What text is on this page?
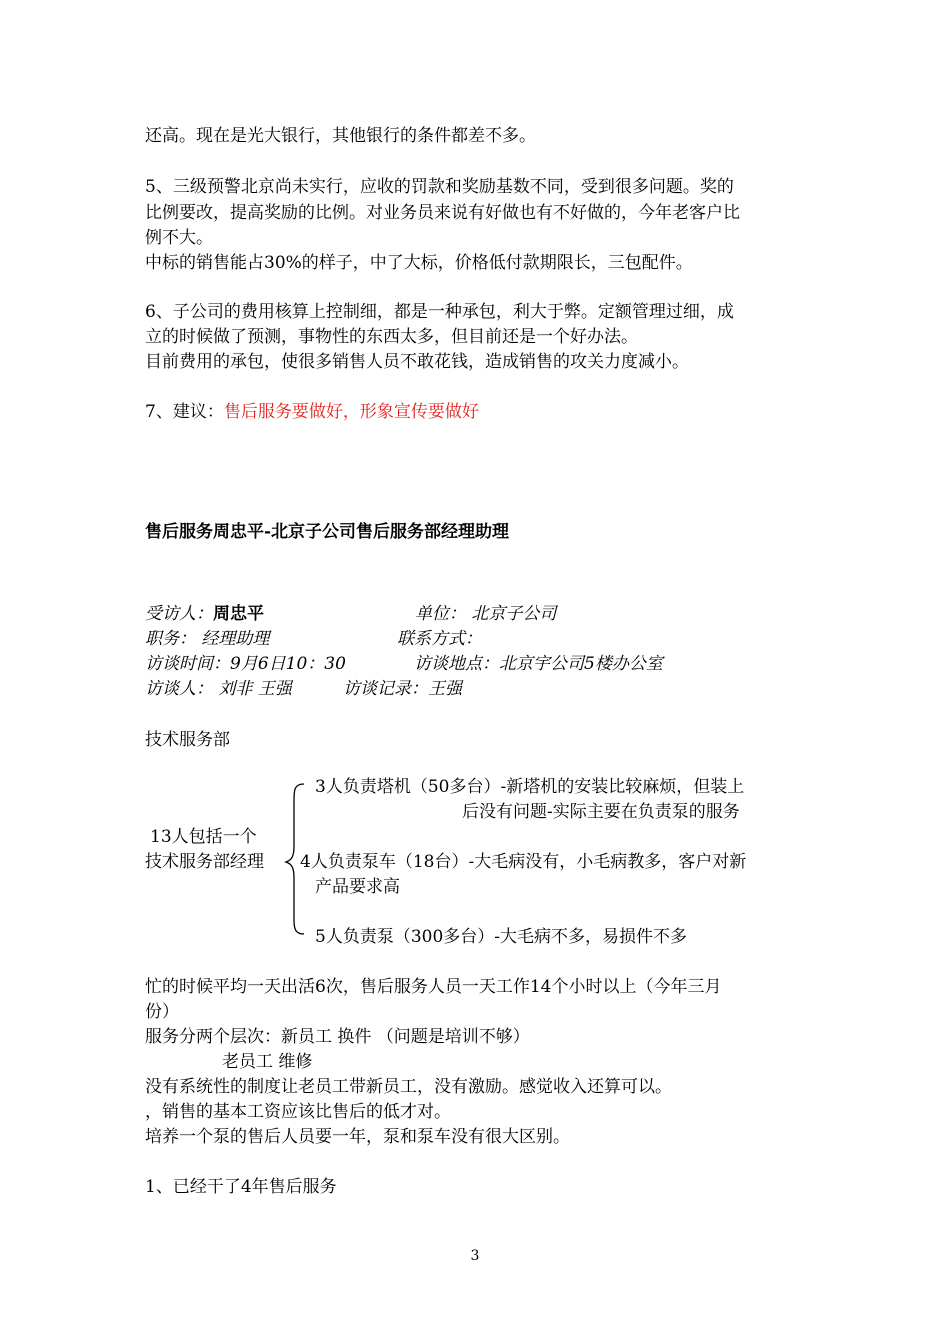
还高。现在是光大银行，其他银行的条件都差不多。
5、三级预警北京尚未实行，应收的罚款和奖励基数不同，受到很多问题。奖的
比例要改，提高奖励的比例。对业务员来说有好做也有不好做的，今年老客户比
例不大。
中标的销售能占30%的样子，中了大标，价格低付款期限长，三包配件。
6、子公司的费用核算上控制细，都是一种承包，利大于弊。定额管理过细，成
立的时候做了预测，事物性的东西太多，但目前还是一个好办法。
目前费用的承包，使很多销售人员不敢花钱，造成销售的攻关力度减小。
7、建议：售后服务要做好，形象宣传要做好
售后服务周忠平-北京子公司售后服务部经理助理
受访人：周忠平	单位： 北京子公司
职务： 经理助理	联系方式：
访谈时间：9月6日10：30	访谈地点：北京宇公司5楼办公室
访谈人： 刘非 王强	访谈记录：王强
技术服务部
3人负责塔机（50多台）-新塔机的安装比较麻烦，但装上
后没有问题-实际主要在负责泵的服务
13人包括一个
技术服务部经理 4人负责泵车（18台）-大毛病没有，小毛病教多，客户对新
产品要求高
5人负责泵（300多台）-大毛病不多，易损件不多
忙的时候平均一天出活6次，售后服务人员一天工作14个小时以上（今年三月
份）
服务分两个层次：新员工 换件 （问题是培训不够）
老员工 维修
没有系统性的制度让老员工带新员工，没有激励。感觉收入还算可以。
，销售的基本工资应该比售后的低才对。
培养一个泵的售后人员要一年，泵和泵车没有很大区别。
1、已经干了4年售后服务
3
